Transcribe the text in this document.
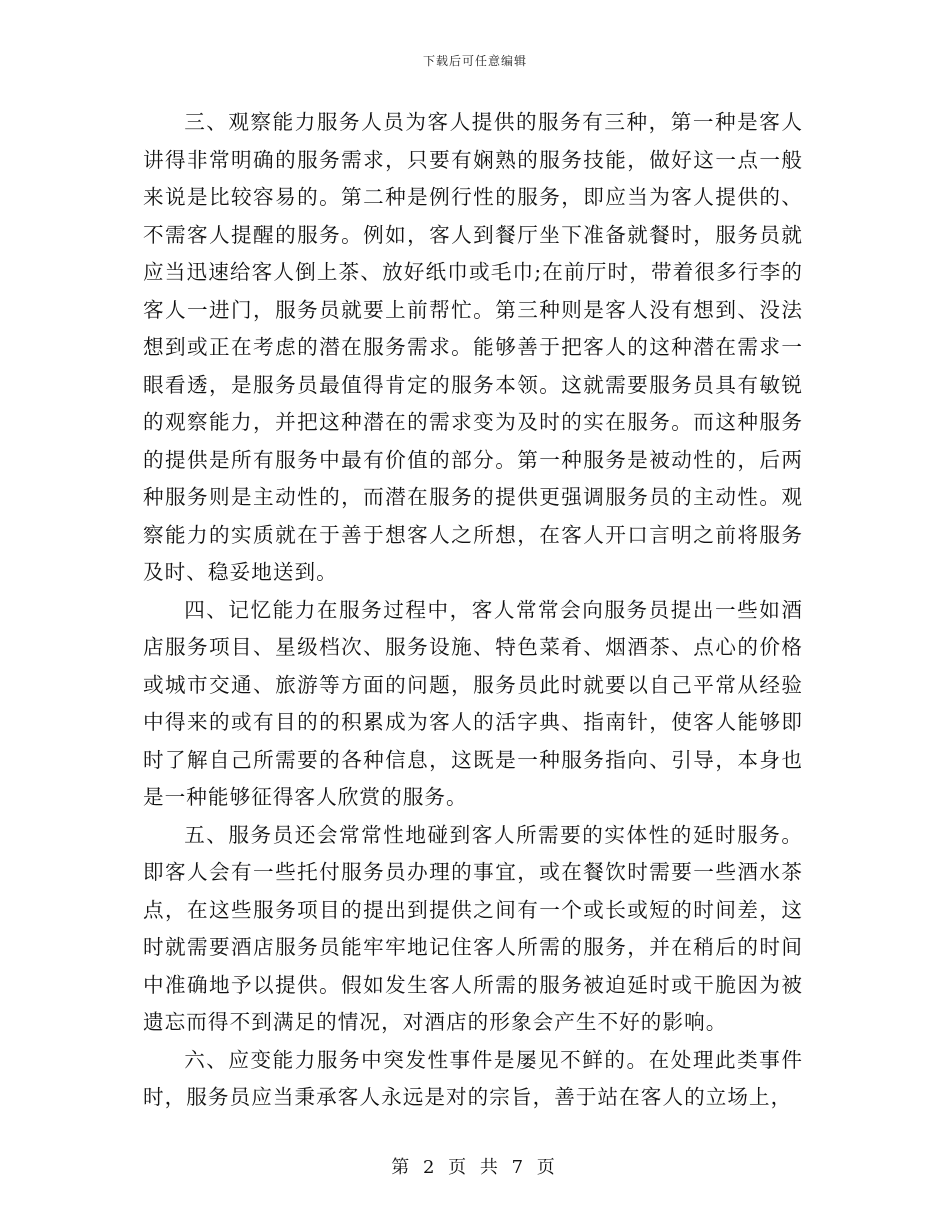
下载后可任意编辑

三、观察能力服务人员为客人提供的服务有三种，第一种是客人讲得非常明确的服务需求，只要有娴熟的服务技能，做好这一点一般来说是比较容易的。第二种是例行性的服务，即应当为客人提供的、不需客人提醒的服务。例如，客人到餐厅坐下准备就餐时，服务员就应当迅速给客人倒上茶、放好纸巾或毛巾;在前厅时，带着很多行李的客人一进门，服务员就要上前帮忙。第三种则是客人没有想到、没法想到或正在考虑的潜在服务需求。能够善于把客人的这种潜在需求一眼看透，是服务员最值得肯定的服务本领。这就需要服务员具有敏锐的观察能力，并把这种潜在的需求变为及时的实在服务。而这种服务的提供是所有服务中最有价值的部分。第一种服务是被动性的，后两种服务则是主动性的，而潜在服务的提供更强调服务员的主动性。观察能力的实质就在于善于想客人之所想，在客人开口言明之前将服务及时、稳妥地送到。

四、记忆能力在服务过程中，客人常常会向服务员提出一些如酒店服务项目、星级档次、服务设施、特色菜肴、烟酒茶、点心的价格或城市交通、旅游等方面的问题，服务员此时就要以自己平常从经验中得来的或有目的的积累成为客人的活字典、指南针，使客人能够即时了解自己所需要的各种信息，这既是一种服务指向、引导，本身也是一种能够征得客人欣赏的服务。

五、服务员还会常常性地碰到客人所需要的实体性的延时服务。即客人会有一些托付服务员办理的事宜，或在餐饮时需要一些酒水茶点，在这些服务项目的提出到提供之间有一个或长或短的时间差，这时就需要酒店服务员能牢牢地记住客人所需的服务，并在稍后的时间中准确地予以提供。假如发生客人所需的服务被迫延时或干脆因为被遗忘而得不到满足的情况，对酒店的形象会产生不好的影响。

六、应变能力服务中突发性事件是屡见不鲜的。在处理此类事件时，服务员应当秉承客人永远是对的宗旨，善于站在客人的立场上，

第 2 页 共 7 页
